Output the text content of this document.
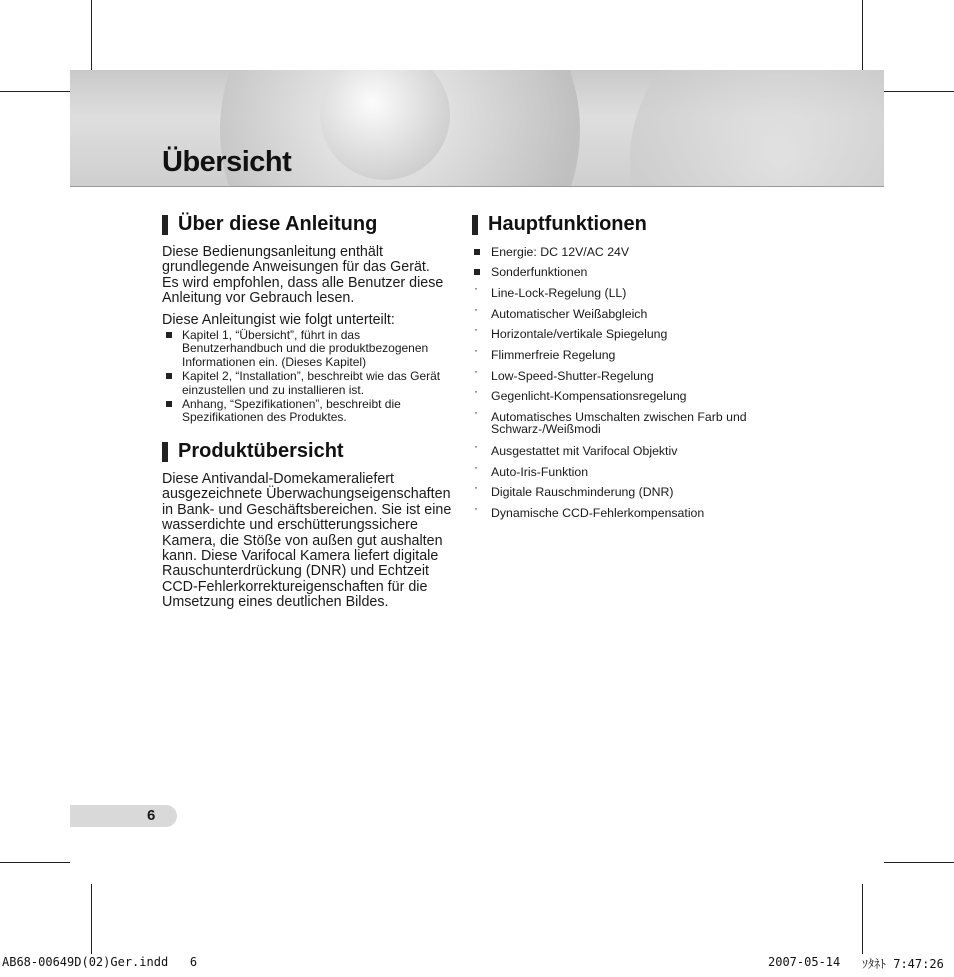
Übersicht
Über diese Anleitung

Diese Bedienungsanleitung enthält

grundlegende Anweisungen für das Gerät.

Es wird empfohlen, dass alle Benutzer diese

Anleitung vor Gebrauch lesen.

Diese Anleitungist wie folgt unterteilt:

Kapitel 1, “Übersicht”, führt in das
Benutzerhandbuch und die produktbezogenen
Informationen ein. (Dieses Kapitel)
Kapitel 2, “Installation”, beschreibt wie das Gerät
einzustellen und zu installieren ist.
Anhang, “Spezifikationen”, beschreibt die
Spezifikationen des Produktes.
Produktübersicht

Diese Antivandal-Domekameraliefert

ausgezeichnete Überwachungseigenschaften

in Bank- und Geschäftsbereichen. Sie ist eine

wasserdichte und erschütterungssichere

Kamera, die Stöße von außen gut aushalten

kann. Diese Varifocal Kamera liefert digitale

Rauschunterdrückung (DNR) und Echtzeit

CCD-Fehlerkorrektureigenschaften für die

Umsetzung eines deutlichen Bildes.

Hauptfunktionen
Energie: DC 12V/AC 24V
Sonderfunktionen
· Line-Lock-Regelung (LL)
· Automatischer Weißabgleich
· Horizontale/vertikale Spiegelung
· Flimmerfreie Regelung
· Low-Speed-Shutter-Regelung
· Gegenlicht-Kompensationsregelung
· Automatisches Umschalten zwischen Farb und
Schwarz-/Weißmodi
· Ausgestattet mit Varifocal Objektiv
· Auto-Iris-Funktion
· Digitale Rauschminderung (DNR)
· Dynamische CCD-Fehlerkompensation
6
AB68-00649D(02)Ger.indd   6	2007-05-14 ｿﾀﾈﾄ 7:47:26
